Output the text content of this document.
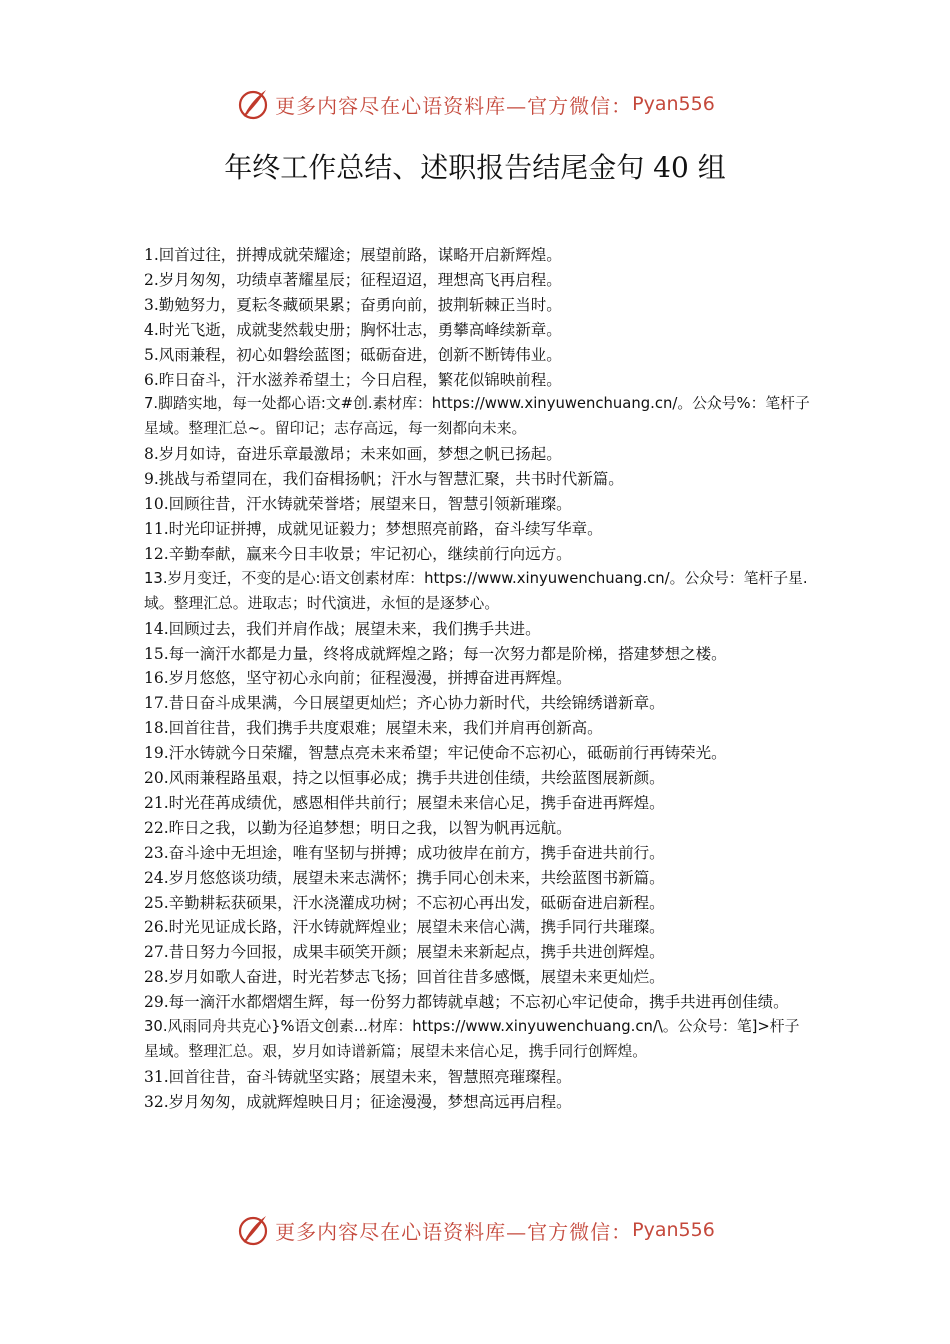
更多内容尽在心语资料库—官方微信： Pyan556
年终工作总结、述职报告结尾金句 40 组
1.回首过往，拼搏成就荣耀途；展望前路，谋略开启新辉煌。
2.岁月匆匆，功绩卓著耀星辰；征程迢迢，理想高飞再启程。
3.勤勉努力，夏耘冬藏硕果累；奋勇向前，披荆斩棘正当时。
4.时光飞逝，成就斐然载史册；胸怀壮志，勇攀高峰续新章。
5.风雨兼程，初心如磐绘蓝图；砥砺奋进，创新不断铸伟业。
6.昨日奋斗，汗水滋养希望土；今日启程，繁花似锦映前程。
7.脚踏实地，每一处都心语:文#创.素材库：https://www.xinyuwenchuang.cn/。公众号%：笔杆子星域。整理汇总~。留印记；志存高远，每一刻都向未来。
8.岁月如诗，奋进乐章最激昂；未来如画，梦想之帆已扬起。
9.挑战与希望同在，我们奋楫扬帆；汗水与智慧汇聚，共书时代新篇。
10.回顾往昔，汗水铸就荣誉塔；展望来日，智慧引领新璀璨。
11.时光印证拼搏，成就见证毅力；梦想照亮前路，奋斗续写华章。
12.辛勤奉献，赢来今日丰收景；牢记初心，继续前行向远方。
13.岁月变迁，不变的是心:语文创素材库：https://www.xinyuwenchuang.cn/。公众号：笔杆子星.域。整理汇总。进取志；时代演进，永恒的是逐梦心。
14.回顾过去，我们并肩作战；展望未来，我们携手共进。
15.每一滴汗水都是力量，终将成就辉煌之路；每一次努力都是阶梯，搭建梦想之楼。
16.岁月悠悠，坚守初心永向前；征程漫漫，拼搏奋进再辉煌。
17.昔日奋斗成果满，今日展望更灿烂；齐心协力新时代，共绘锦绣谱新章。
18.回首往昔，我们携手共度艰难；展望未来，我们并肩再创新高。
19.汗水铸就今日荣耀，智慧点亮未来希望；牢记使命不忘初心，砥砺前行再铸荣光。
20.风雨兼程路虽艰，持之以恒事必成；携手共进创佳绩，共绘蓝图展新颜。
21.时光荏苒成绩优，感恩相伴共前行；展望未来信心足，携手奋进再辉煌。
22.昨日之我，以勤为径追梦想；明日之我，以智为帆再远航。
23.奋斗途中无坦途，唯有坚韧与拼搏；成功彼岸在前方，携手奋进共前行。
24.岁月悠悠谈功绩，展望未来志满怀；携手同心创未来，共绘蓝图书新篇。
25.辛勤耕耘获硕果，汗水浇灌成功树；不忘初心再出发，砥砺奋进启新程。
26.时光见证成长路，汗水铸就辉煌业；展望未来信心满，携手同行共璀璨。
27.昔日努力今回报，成果丰硕笑开颜；展望未来新起点，携手共进创辉煌。
28.岁月如歌人奋进，时光若梦志飞扬；回首往昔多感慨，展望未来更灿烂。
29.每一滴汗水都熠熠生辉，每一份努力都铸就卓越；不忘初心牢记使命，携手共进再创佳绩。
30.风雨同舟共克心}%语文创素...材库：https://www.xinyuwenchuang.cn/\。公众号：笔]>杆子星域。整理汇总。艰，岁月如诗谱新篇；展望未来信心足，携手同行创辉煌。
31.回首往昔，奋斗铸就坚实路；展望未来，智慧照亮璀璨程。
32.岁月匆匆，成就辉煌映日月；征途漫漫，梦想高远再启程。
更多内容尽在心语资料库—官方微信： Pyan556
